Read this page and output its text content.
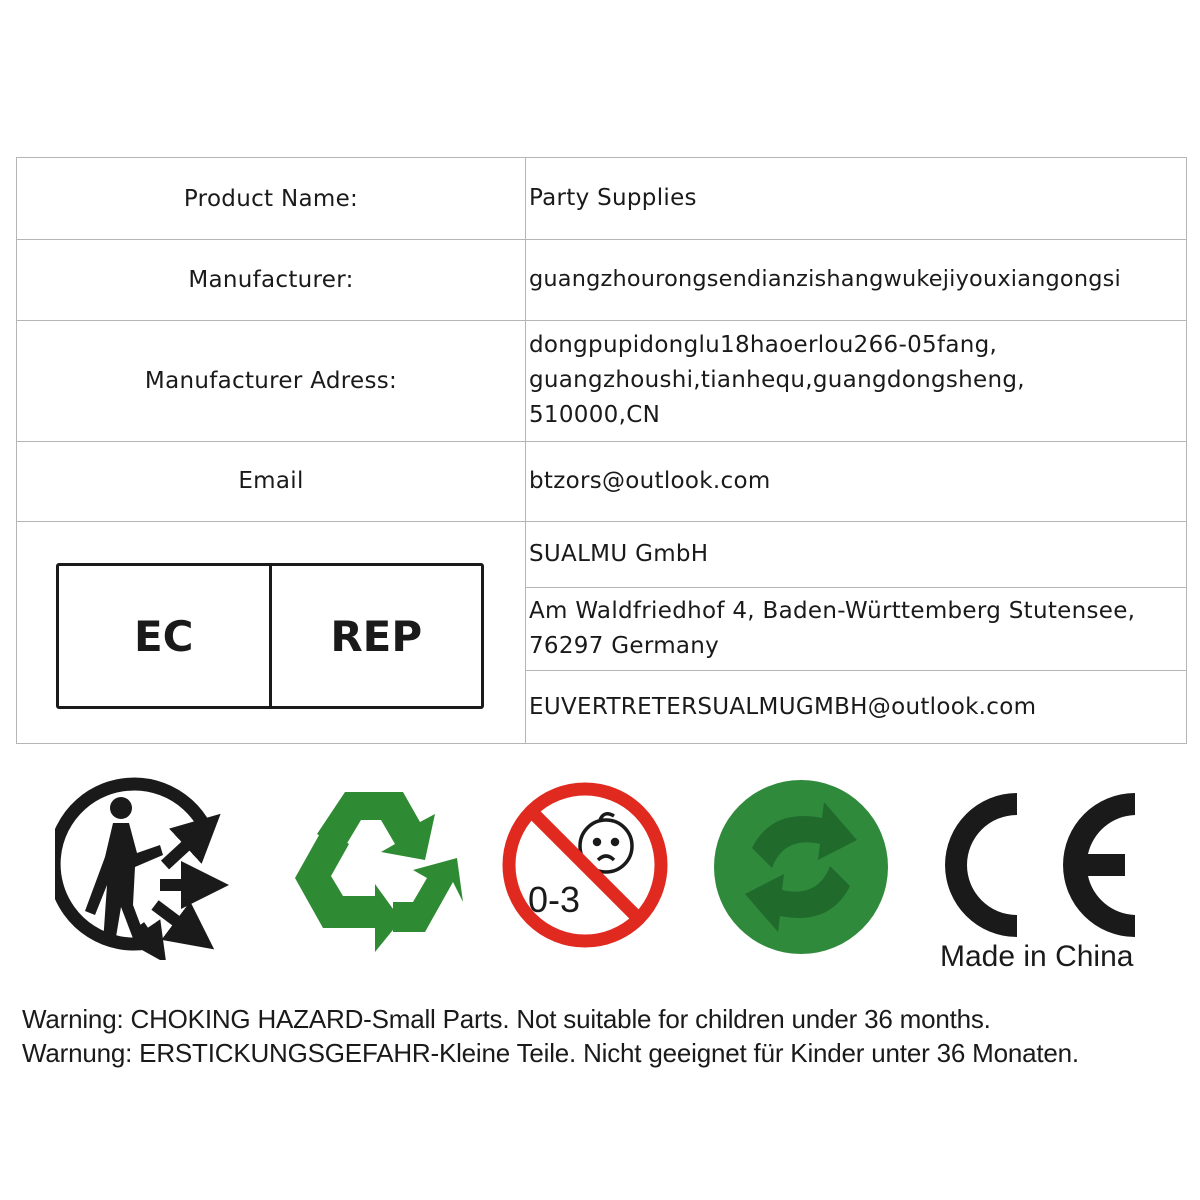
Product Name:	Party Supplies
Manufacturer:	guangzhourongsendianzishangwukejiyouxiangongsi
Manufacturer Adress:
dongpupidonglu18haoerlou266-05fang,
guangzhoushi,tianhequ,guangdongsheng,
510000,CN
Email	btzors@outlook.com
EC	REP
SUALMU GmbH
Am Waldfriedhof 4, Baden-Württemberg Stutensee,
76297 Germany
EUVERTRETERSUALMUGMBH@outlook.com
0-3
Made in China
Warning: CHOKING HAZARD-Small Parts. Not suitable for children under 36 months.
Warnung: ERSTICKUNGSGEFAHR-Kleine Teile. Nicht geeignet für Kinder unter 36 Monaten.
